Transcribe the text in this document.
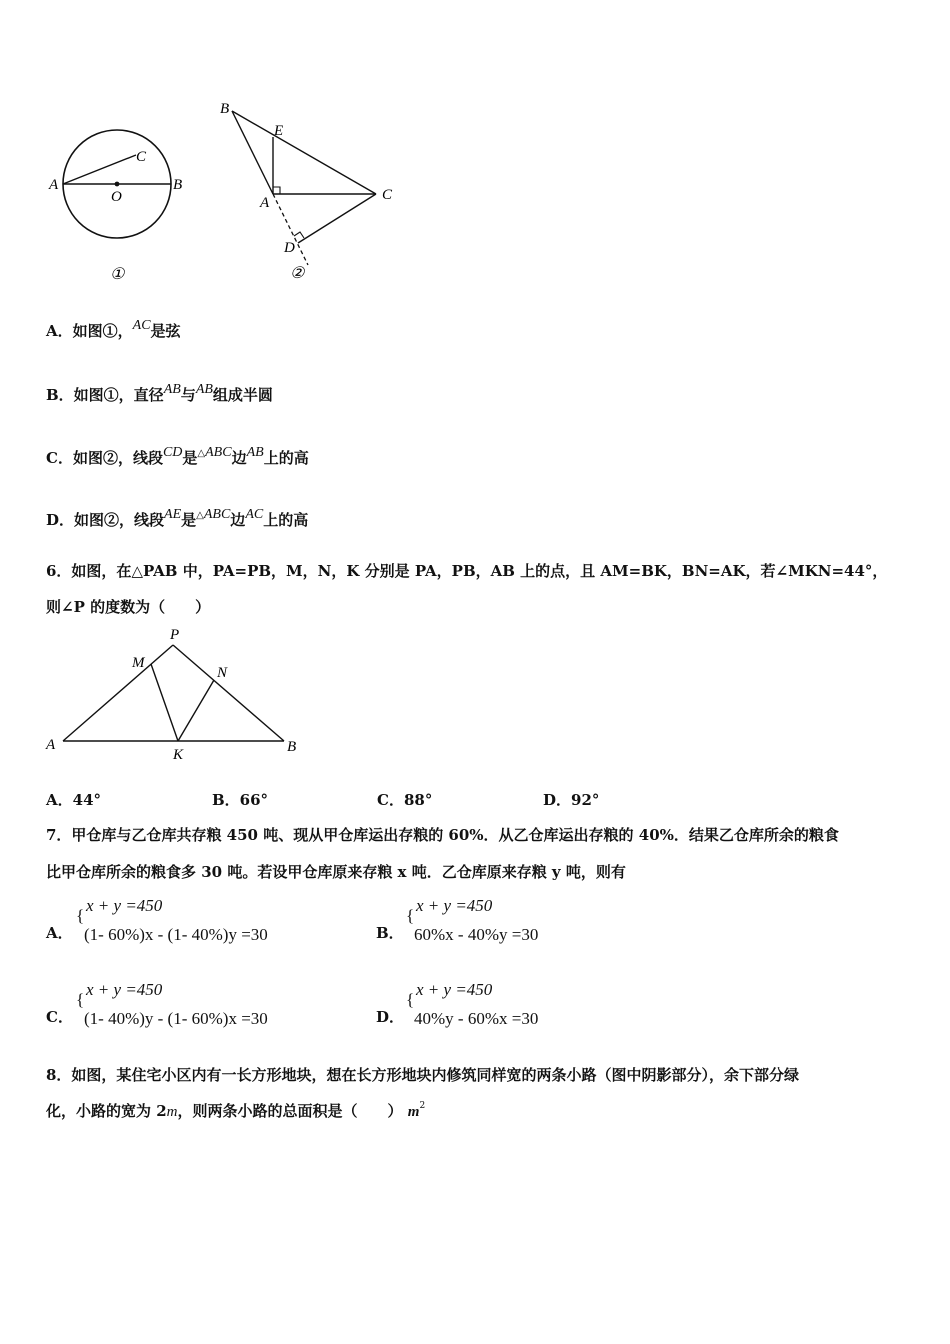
A	B
C
O
①
B
E
A	C
D
②
A．如图①，AC是弦
B．如图①，直径AB与AB组成半圆
C．如图②，线段CD是△ABC边AB上的高
D．如图②，线段AE是△ABC边AC上的高
6．如图，在△PAB 中，PA=PB，M，N，K 分别是 PA，PB，AB 上的点，且 AM=BK，BN=AK，若∠MKN=44°，
则∠P 的度数为（　　）
P
M
N
A
K	B
A．44°	B．66°	C．88°	D．92°
7．甲仓库与乙仓库共存粮 450 吨、现从甲仓库运出存粮的 60%．从乙仓库运出存粮的 40%．结果乙仓库所余的粮食
比甲仓库所余的粮食多 30 吨。若设甲仓库原来存粮 x 吨．乙仓库原来存粮 y 吨，则有
A．
{
x + y =450
(1- 60%)x - (1- 40%)y =30	B．
{
x + y =450
60%x - 40%y =30
C．
{
x + y =450
(1- 40%)y - (1- 60%)x =30	D．
{
x + y =450
40%y - 60%x =30
8．如图，某住宅小区内有一长方形地块，想在长方形地块内修筑同样宽的两条小路（图中阴影部分），余下部分绿
化，小路的宽为 2m，则两条小路的总面积是（　　） $m^2$
